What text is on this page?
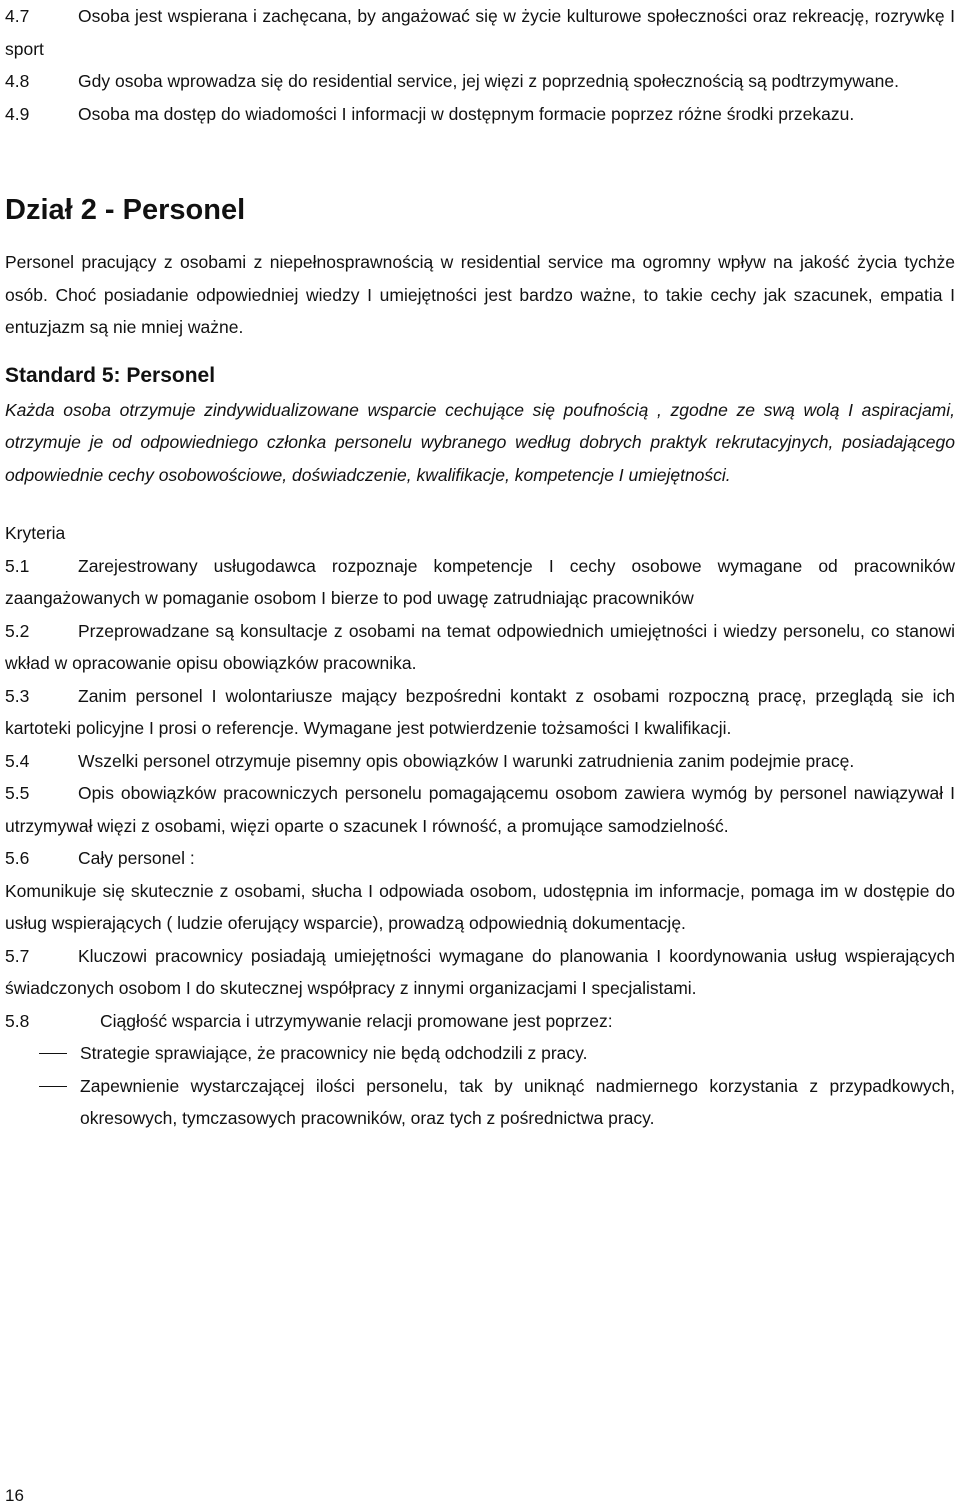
4.7	Osoba jest wspierana i zachęcana, by angażować się w życie kulturowe społeczności oraz rekreację, rozrywkę I sport

4.8	Gdy osoba wprowadza się do residential service, jej więzi z poprzednią społecznością są podtrzymywane.

4.9	Osoba ma dostęp do wiadomości I informacji w dostępnym formacie poprzez różne środki przekazu.

Dział 2 - Personel

Personel pracujący z osobami z niepełnosprawnością w residential service ma ogromny wpływ na jakość życia tychże osób. Choć posiadanie odpowiedniej wiedzy I umiejętności jest bardzo ważne, to takie cechy jak szacunek, empatia I entuzjazm są nie mniej ważne.

Standard 5: Personel

Każda osoba otrzymuje zindywidualizowane wsparcie cechujące się poufnością , zgodne ze swą wolą I aspiracjami, otrzymuje je od odpowiedniego członka personelu wybranego według dobrych praktyk rekrutacyjnych, posiadającego odpowiednie cechy osobowościowe, doświadczenie, kwalifikacje, kompetencje I umiejętności.

Kryteria

5.1	Zarejestrowany usługodawca rozpoznaje kompetencje I cechy osobowe wymagane od pracowników zaangażowanych w pomaganie osobom I bierze to pod uwagę zatrudniając pracowników

5.2	Przeprowadzane są konsultacje z osobami na temat odpowiednich umiejętności i wiedzy personelu, co stanowi wkład w opracowanie opisu obowiązków pracownika.

5.3	Zanim personel I wolontariusze mający bezpośredni kontakt z osobami rozpoczną pracę, przeglądą sie ich kartoteki policyjne I prosi o referencje. Wymagane jest potwierdzenie tożsamości I kwalifikacji.

5.4	Wszelki personel otrzymuje pisemny opis obowiązków I warunki zatrudnienia zanim podejmie pracę.

5.5	Opis obowiązków pracowniczych personelu pomagającemu osobom zawiera wymóg by personel nawiązywał I utrzymywał więzi z osobami, więzi oparte o szacunek I równość, a promujące samodzielność.

5.6	Cały personel :

Komunikuje się skutecznie z osobami, słucha I odpowiada osobom, udostępnia im informacje, pomaga im w dostępie do usług wspierających ( ludzie oferujący wsparcie), prowadzą odpowiednią dokumentację.

5.7	Kluczowi pracownicy posiadają umiejętności wymagane do planowania I koordynowania usług wspierających świadczonych osobom I do skutecznej współpracy z innymi organizacjami I specjalistami.

5.8	Ciągłość wsparcia i utrzymywanie relacji promowane jest poprzez:

Strategie sprawiające, że pracownicy nie będą odchodzili z pracy.

Zapewnienie wystarczającej ilości personelu, tak by uniknąć nadmiernego korzystania z przypadkowych, okresowych, tymczasowych pracowników, oraz tych z pośrednictwa pracy.

16
